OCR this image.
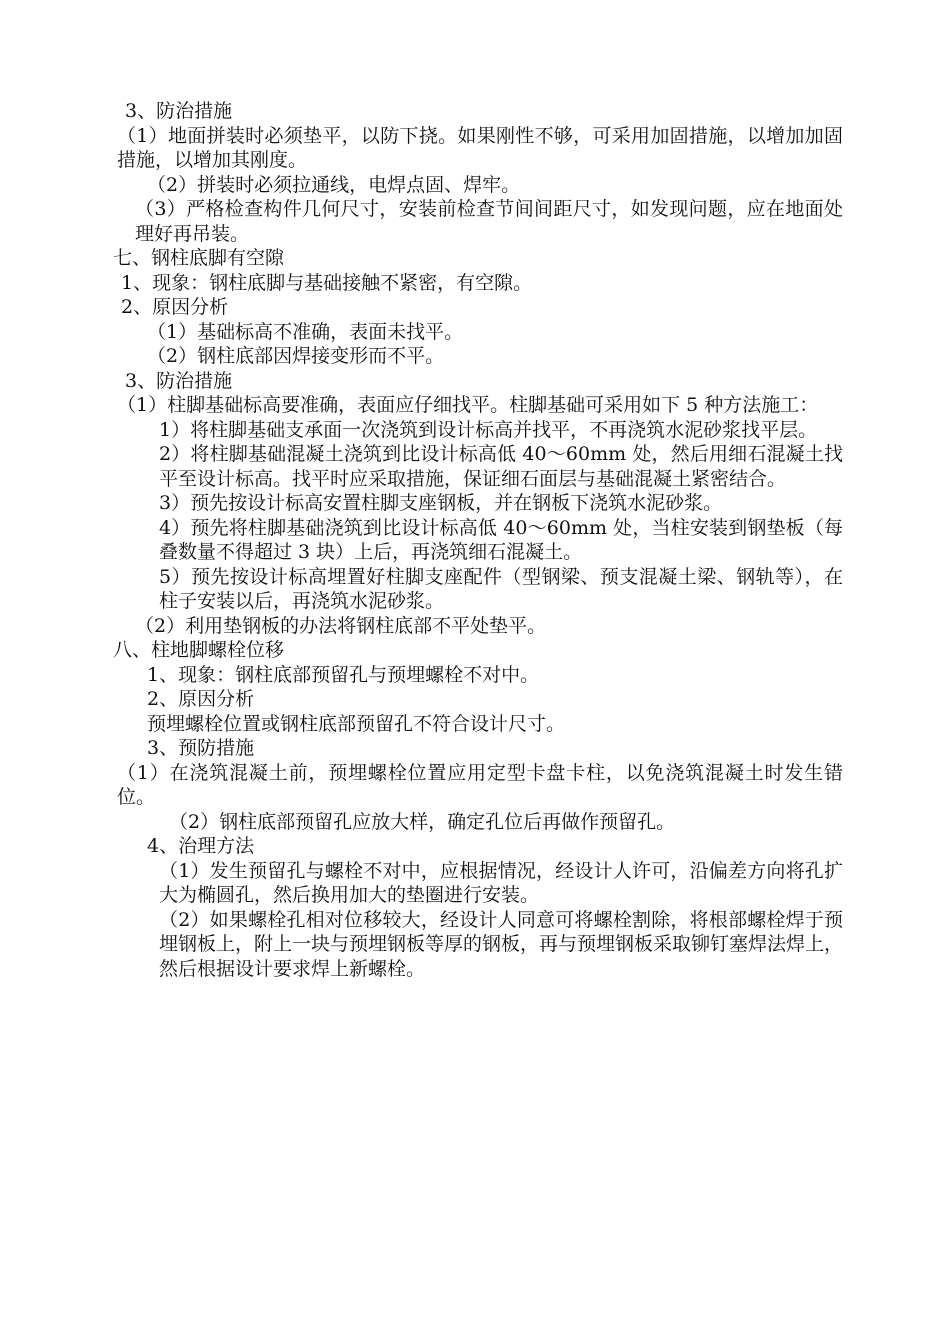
3、防治措施

（1）地面拼装时必须垫平，以防下挠。如果刚性不够，可采用加固措施，以增加加固措施，以增加其刚度。

（2）拼装时必须拉通线，电焊点固、焊牢。

（3）严格检查构件几何尺寸，安装前检查节间间距尺寸，如发现问题，应在地面处理好再吊装。

七、钢柱底脚有空隙

1、现象：钢柱底脚与基础接触不紧密，有空隙。

2、原因分析

（1）基础标高不准确，表面未找平。

（2）钢柱底部因焊接变形而不平。

3、防治措施

（1）柱脚基础标高要准确，表面应仔细找平。柱脚基础可采用如下 5 种方法施工：

1）将柱脚基础支承面一次浇筑到设计标高并找平，不再浇筑水泥砂浆找平层。

2）将柱脚基础混凝土浇筑到比设计标高低 40～60mm 处，然后用细石混凝土找平至设计标高。找平时应采取措施，保证细石面层与基础混凝土紧密结合。

3）预先按设计标高安置柱脚支座钢板，并在钢板下浇筑水泥砂浆。

4）预先将柱脚基础浇筑到比设计标高低 40～60mm 处，当柱安装到钢垫板（每叠数量不得超过 3 块）上后，再浇筑细石混凝土。

5）预先按设计标高埋置好柱脚支座配件（型钢梁、预支混凝土梁、钢轨等），在柱子安装以后，再浇筑水泥砂浆。

（2）利用垫钢板的办法将钢柱底部不平处垫平。

八、柱地脚螺栓位移

1、现象：钢柱底部预留孔与预埋螺栓不对中。

2、原因分析

预埋螺栓位置或钢柱底部预留孔不符合设计尺寸。

3、预防措施

（1）在浇筑混凝土前，预埋螺栓位置应用定型卡盘卡柱，以免浇筑混凝土时发生错位。

（2）钢柱底部预留孔应放大样，确定孔位后再做作预留孔。

4、治理方法

（1）发生预留孔与螺栓不对中，应根据情况，经设计人许可，沿偏差方向将孔扩大为椭圆孔，然后换用加大的垫圈进行安装。

（2）如果螺栓孔相对位移较大，经设计人同意可将螺栓割除，将根部螺栓焊于预埋钢板上，附上一块与预埋钢板等厚的钢板，再与预埋钢板采取铆钉塞焊法焊上，然后根据设计要求焊上新螺栓。
